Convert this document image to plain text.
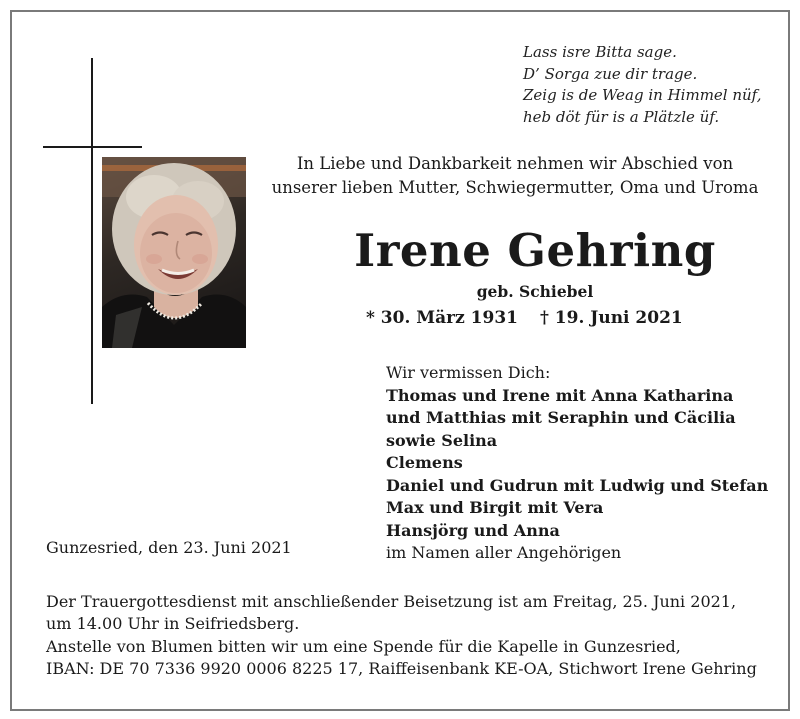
Lass isre Bitta sage.
D’ Sorga zue dir trage.
Zeig is de Weag in Himmel nüf,
heb döt für is a Plätzle üf.
In Liebe und Dankbarkeit nehmen wir Abschied von
unserer lieben Mutter, Schwiegermutter, Oma und Uroma
Irene Gehring
geb. Schiebel
* 30. März 1931 † 19. Juni 2021
Wir vermissen Dich:
Thomas und Irene mit Anna Katharina
und Matthias mit Seraphin und Cäcilia
sowie Selina
Clemens
Daniel und Gudrun mit Ludwig und Stefan
Max und Birgit mit Vera
Hansjörg und Anna
im Namen aller Angehörigen
Gunzesried, den 23. Juni 2021
Der Trauergottesdienst mit anschließender Beisetzung ist am Freitag, 25. Juni 2021,
um 14.00 Uhr in Seifriedsberg.
Anstelle von Blumen bitten wir um eine Spende für die Kapelle in Gunzesried,
IBAN: DE 70 7336 9920 0006 8225 17, Raiffeisenbank KE-OA, Stichwort Irene Gehring
